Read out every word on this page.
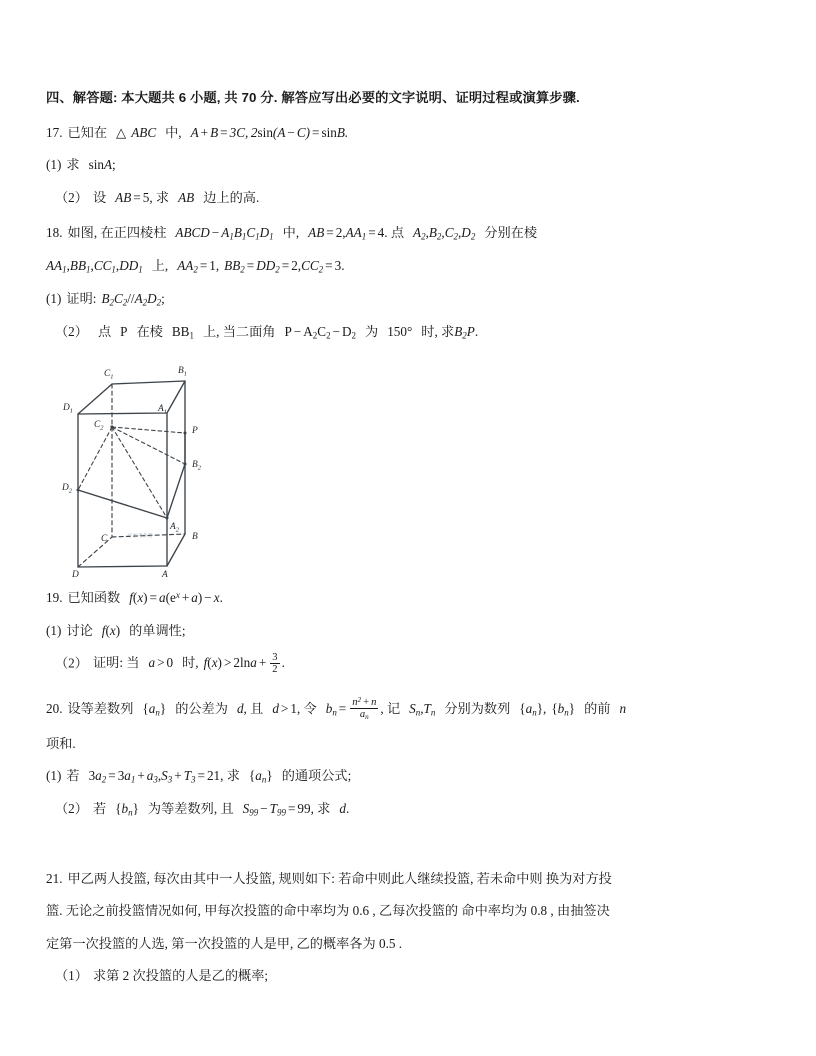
四、解答题: 本大题共 6 小题, 共 70 分. 解答应写出必要的文字说明、证明过程或演算步骤.
17. 已知在 △ ABC 中, A + B = 3C, 2sin(A − C) = sinB.
(1) 求 sinA;
（2） 设 AB = 5, 求 AB 边上的高.
18. 如图, 在正四棱柱 ABCD − $A_1B_1C_1D_1$ 中, AB = $2,AA_1 = 4$. 点 $A_2,B_2,C_2,D_2$ 分别在棱
$AA_1,BB_1,CC_1,DD_1$ 上, $AA_2 = 1$, $BB_2 = DD_2 = 2,CC_2 = 3$.
(1) 证明: $B_2C_2//A_2D_2$;
（2） 点 P 在棱 $BB_1$ 上, 当二面角 $P - A_2C_2 - D_2$ 为 150° 时, 求$B_2P$.
$C_1$
$B_1$
$D_1$	$A_1$
$C_2$	P
$B_2$
$D_2$
$A_2$
C	B
D	A
宁参考作图
19. 已知函数 $f(x) = a(e^x + a) - x$.
(1) 讨论 f(x) 的单调性;
（2） 证明: 当 a > 0 时, $f(x) > 2\ln a + \frac{3}{2}$ .
20. 设等差数列 $\{a_n\}$ 的公差为 d, 且 d > 1, 令 $b_n = \frac{n^2 + n}{a_n}$ , 记 $S_n,T_n$ 分别为数列 $\{a_n\}$, $\{b_n\}$ 的前 n
项和.
(1) 若 $3a_2 = 3a_1 + a_3,S_3 + T_3 = 21$, 求 $\{a_n\}$ 的通项公式;
（2） 若 $\{b_n\}$ 为等差数列, 且 $S_{99} - T_{99} = 99$, 求 d.
21. 甲乙两人投篮, 每次由其中一人投篮, 规则如下: 若命中则此人继续投篮, 若未命中则 换为对方投
篮. 无论之前投篮情况如何, 甲每次投篮的命中率均为 0.6 , 乙每次投篮的 命中率均为 0.8 , 由抽签决
定第一次投篮的人选, 第一次投篮的人是甲, 乙的概率各为 0.5 .
（1） 求第 2 次投篮的人是乙的概率;
